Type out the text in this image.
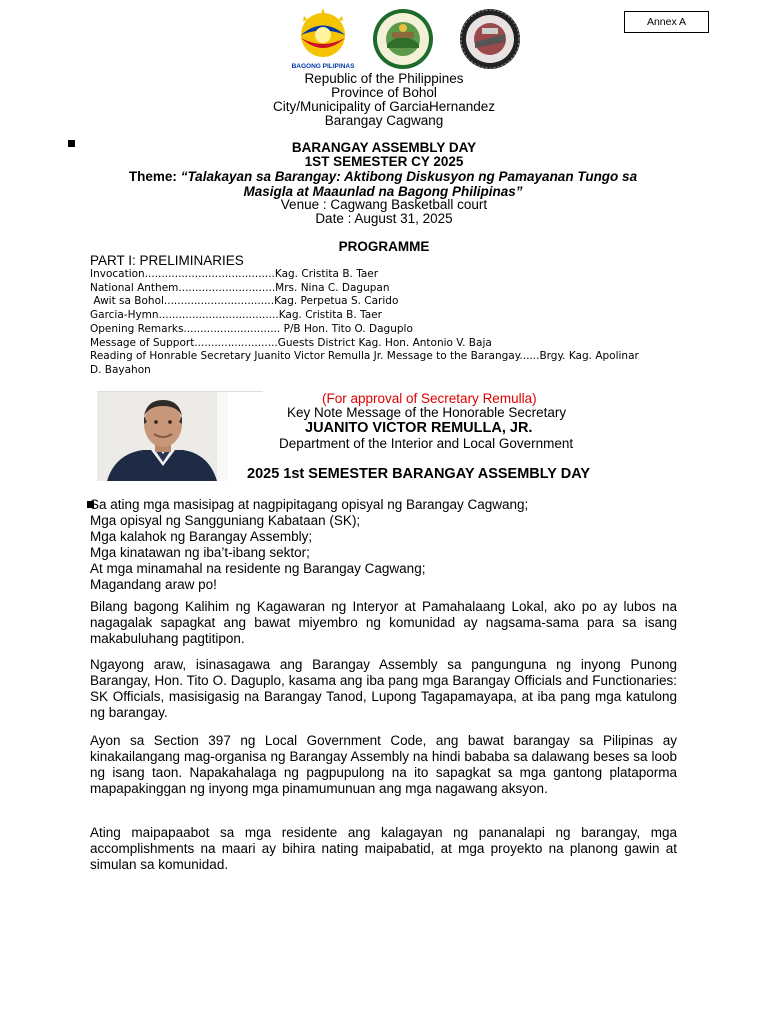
Annex A
BAGONG PILIPINAS
Republic of the Philippines
Province of Bohol
City/Municipality of GarciaHernandez
Barangay Cagwang
BARANGAY ASSEMBLY DAY
1ST SEMESTER CY 2025
Theme: “Talakayan sa Barangay: Aktibong Diskusyon ng Pamayanan Tungo sa
Masigla at Maaunlad na Bagong Philipinas”
Venue : Cagwang Basketball court
Date : August 31, 2025
PROGRAMME
PART I: PRELIMINARIES
Invocation.......................................Kag. Cristita B. Taer
National Anthem.............................Mrs. Nina C. Dagupan
Awit sa Bohol.................................Kag. Perpetua S. Carido
Garcia-Hymn....................................Kag. Cristita B. Taer
Opening Remarks............................. P/B Hon. Tito O. Daguplo
Message of Support.........................Guests District Kag. Hon. Antonio V. Baja
Reading of Honrable Secretary Juanito Victor Remulla Jr. Message to the Barangay......Brgy. Kag. Apolinar
D. Bayahon
(For approval of Secretary Remulla)
Key Note Message of the Honorable Secretary
JUANITO VICTOR REMULLA, JR.
Department of the Interior and Local Government
2025 1st SEMESTER BARANGAY ASSEMBLY DAY
Sa ating mga masisipag at nagpipitagang opisyal ng Barangay Cagwang;
Mga opisyal ng Sangguniang Kabataan (SK);
Mga kalahok ng Barangay Assembly;
Mga kinatawan ng iba’t-ibang sektor;
At mga minamahal na residente ng Barangay Cagwang;
Magandang araw po!
Bilang bagong Kalihim ng Kagawaran ng Interyor at Pamahalaang Lokal, ako po ay lubos na nagagalak sapagkat ang bawat miyembro ng komunidad ay nagsama-sama para sa isang makabuluhang pagtitipon.
Ngayong araw, isinasagawa ang Barangay Assembly sa pangunguna ng inyong Punong Barangay, Hon. Tito O. Daguplo, kasama ang iba pang mga Barangay Officials and Functionaries: SK Officials, masisigasig na Barangay Tanod, Lupong Tagapamayapa, at iba pang mga katulong ng barangay.
Ayon sa Section 397 ng Local Government Code, ang bawat barangay sa Pilipinas ay kinakailangang mag-organisa ng Barangay Assembly na hindi bababa sa dalawang beses sa loob ng isang taon. Napakahalaga ng pagpupulong na ito sapagkat sa mga gantong plataporma mapapakinggan ng inyong mga pinamumunuan ang mga nagawang aksyon.
Ating maipapaabot sa mga residente ang kalagayan ng pananalapi ng barangay, mga accomplishments na maari ay bihira nating maipabatid, at mga proyekto na planong gawin at simulan sa komunidad.
